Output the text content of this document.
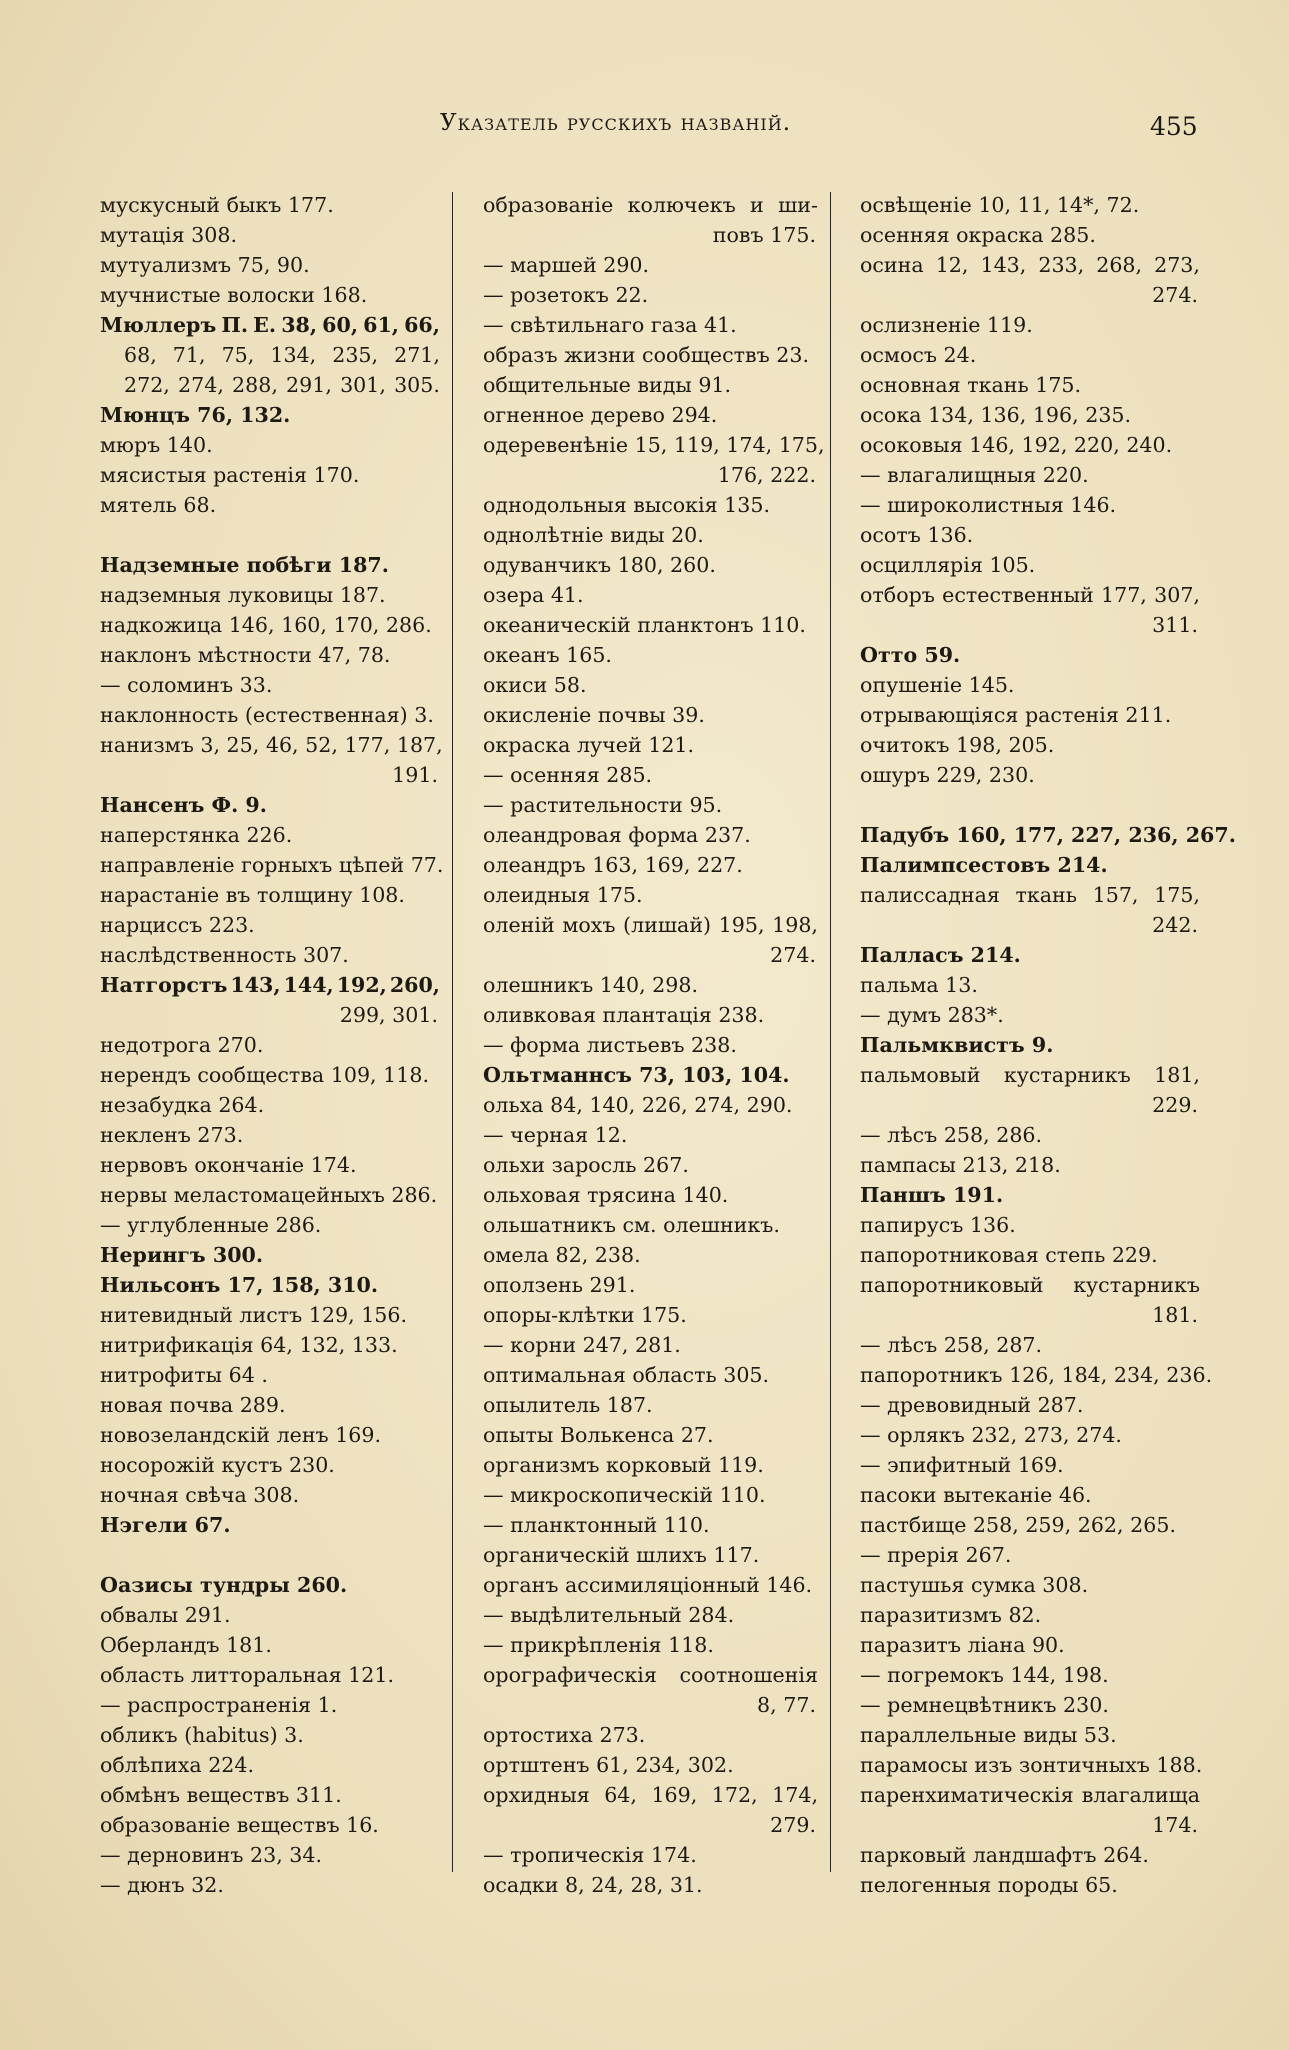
Указатель русскихъ названій.	455
мускусный быкъ 177.
мутація 308.
мутуализмъ 75, 90.
мучнистые волоски 168.
Мюллеръ П. Е. 38, 60, 61, 66,
68, 71, 75, 134, 235, 271,
272, 274, 288, 291, 301, 305.
Мюнцъ 76, 132.
мюръ 140.
мясистыя растенія 170.
мятель 68.
Надземные побѣги 187.
надземныя луковицы 187.
надкожица 146, 160, 170, 286.
наклонъ мѣстности 47, 78.
— соломинъ 33.
наклонность (естественная) 3.
нанизмъ 3, 25, 46, 52, 177, 187,
191.
Нансенъ Ф. 9.
наперстянка 226.
направленіе горныхъ цѣпей 77.
нарастаніе въ толщину 108.
нарциссъ 223.
наслѣдственность 307.
Натгорстъ 143, 144, 192, 260,
299, 301.
недотрога 270.
нерендъ сообщества 109, 118.
незабудка 264.
некленъ 273.
нервовъ окончаніе 174.
нервы меластомацейныхъ 286.
— углубленные 286.
Нерингъ 300.
Нильсонъ 17, 158, 310.
нитевидный листъ 129, 156.
нитрификація 64, 132, 133.
нитрофиты 64 .
новая почва 289.
новозеландскій ленъ 169.
носорожій кустъ 230.
ночная свѣча 308.
Нэгели 67.
Оазисы тундры 260.
обвалы 291.
Оберландъ 181.
область литторальная 121.
— распространенія 1.
обликъ (habitus) 3.
облѣпиха 224.
обмѣнъ веществъ 311.
образованіе веществъ 16.
— дерновинъ 23, 34.
— дюнъ 32.
образованіе колючекъ и ши-
повъ 175.
— маршей 290.
— розетокъ 22.
— свѣтильнаго газа 41.
образъ жизни сообществъ 23.
общительные виды 91.
огненное дерево 294.
одеревенѣніе 15, 119, 174, 175,
176, 222.
однодольныя высокія 135.
однолѣтніе виды 20.
одуванчикъ 180, 260.
озера 41.
океаническій планктонъ 110.
океанъ 165.
окиси 58.
окисленіе почвы 39.
окраска лучей 121.
— осенняя 285.
— растительности 95.
олеандровая форма 237.
олеандръ 163, 169, 227.
олеидныя 175.
оленій мохъ (лишай) 195, 198,
274.
олешникъ 140, 298.
оливковая плантація 238.
— форма листьевъ 238.
Ольтманнсъ 73, 103, 104.
ольха 84, 140, 226, 274, 290.
— черная 12.
ольхи заросль 267.
ольховая трясина 140.
ольшатникъ см. олешникъ.
омела 82, 238.
оползень 291.
опоры-клѣтки 175.
— корни 247, 281.
оптимальная область 305.
опылитель 187.
опыты Волькенса 27.
организмъ корковый 119.
— микроскопическій 110.
— планктонный 110.
органическій шлихъ 117.
органъ ассимиляціонный 146.
— выдѣлительный 284.
— прикрѣпленія 118.
орографическія соотношенія
8, 77.
ортостиха 273.
ортштенъ 61, 234, 302.
орхидныя 64, 169, 172, 174,
279.
— тропическія 174.
осадки 8, 24, 28, 31.
освѣщеніе 10, 11, 14*, 72.
осенняя окраска 285.
осина 12, 143, 233, 268, 273,
274.
ослизненіе 119.
осмосъ 24.
основная ткань 175.
осока 134, 136, 196, 235.
осоковыя 146, 192, 220, 240.
— влагалищныя 220.
— широколистныя 146.
осотъ 136.
осциллярія 105.
отборъ естественный 177, 307,
311.
Отто 59.
опушеніе 145.
отрывающіяся растенія 211.
очитокъ 198, 205.
ошуръ 229, 230.
Падубъ 160, 177, 227, 236, 267.
Палимпсестовъ 214.
палиссадная ткань 157, 175,
242.
Палласъ 214.
пальма 13.
— думъ 283*.
Пальмквистъ 9.
пальмовый кустарникъ 181,
229.
— лѣсъ 258, 286.
пампасы 213, 218.
Паншъ 191.
папирусъ 136.
папоротниковая степь 229.
папоротниковый кустарникъ
181.
— лѣсъ 258, 287.
папоротникъ 126, 184, 234, 236.
— древовидный 287.
— орлякъ 232, 273, 274.
— эпифитный 169.
пасоки вытеканіе 46.
пастбище 258, 259, 262, 265.
— прерія 267.
пастушья сумка 308.
паразитизмъ 82.
паразитъ ліана 90.
— погремокъ 144, 198.
— ремнецвѣтникъ 230.
параллельные виды 53.
парамосы изъ зонтичныхъ 188.
паренхиматическія влагалища
174.
парковый ландшафтъ 264.
пелогенныя породы 65.
